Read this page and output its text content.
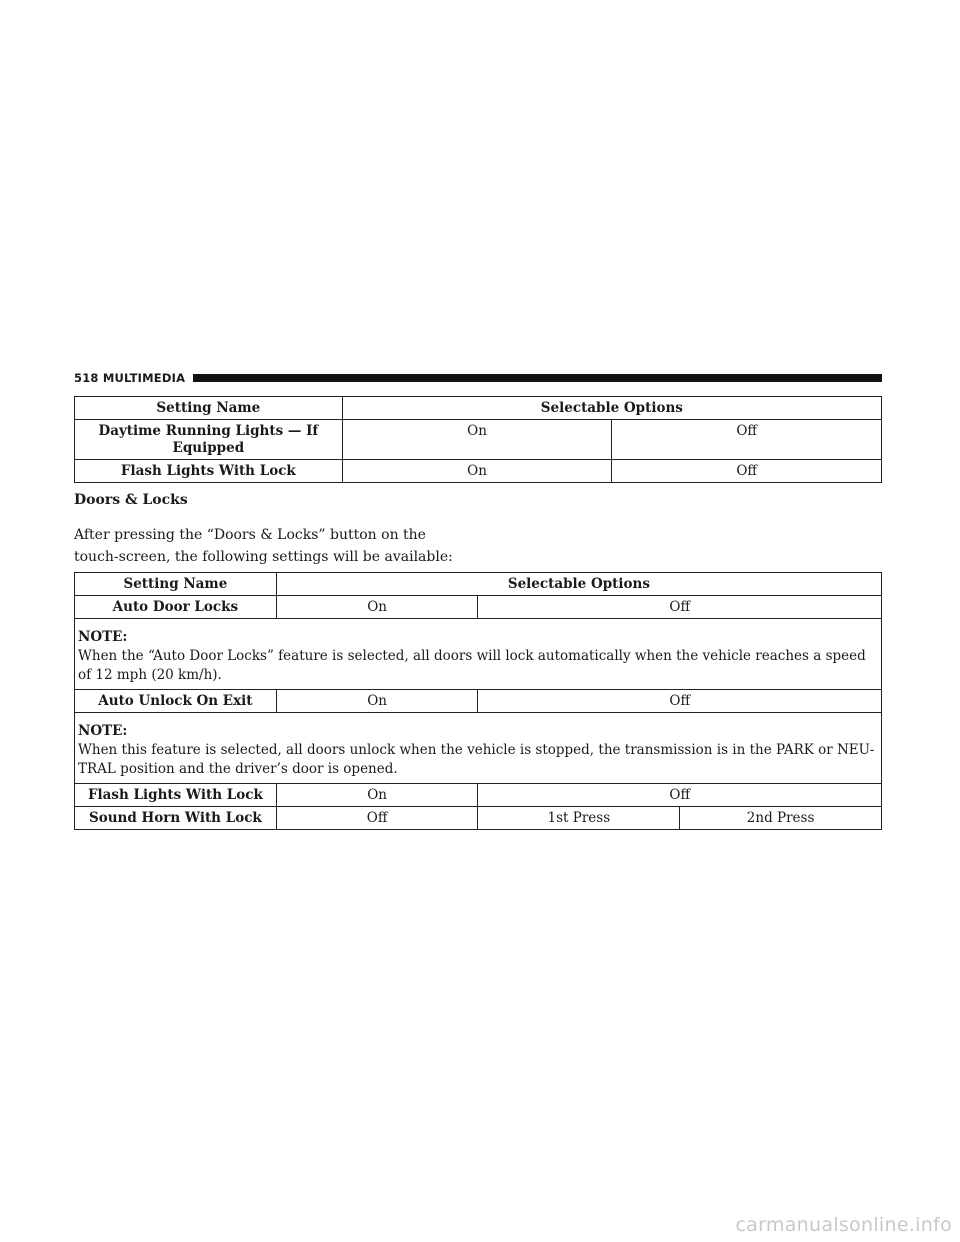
518 MULTIMEDIA
Setting Name	Selectable Options	
Daytime Running Lights — If Equipped	On	Off
Flash Lights With Lock	On	Off
Doors & Locks

After pressing the “Doors & Locks” button on the touch-screen, the following settings will be available:

Setting Name	Selectable Options		
Auto Door Locks	On	Off	

NOTE:
When the “Auto Door Locks” feature is selected, all doors will lock automatically when the vehicle reaches a speed of 12 mph (20 km/h).			
Auto Unlock On Exit	On	Off	

NOTE:
When this feature is selected, all doors unlock when the vehicle is stopped, the transmission is in the PARK or NEU-TRAL position and the driver’s door is opened.			
Flash Lights With Lock	On	Off	
Sound Horn With Lock	Off	1st Press	2nd Press
carmanualsonline.info
